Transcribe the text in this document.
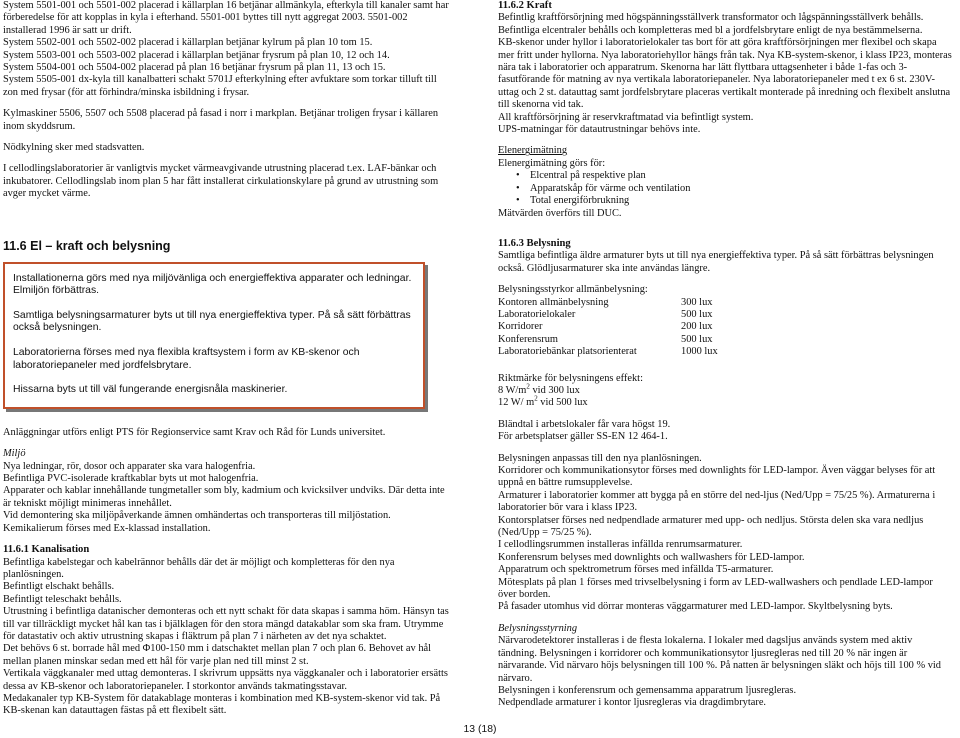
System 5501-001 och 5501-002 placerad i källarplan 16 betjänar allmänkyla, efterkyla till kanaler samt har förberedelse för att kopplas in kyla i efterhand. 5501-001 byttes till nytt aggregat 2003. 5501-002 installerad 1996 är satt ur drift.

System 5502-001 och 5502-002 placerad i källarplan betjänar kylrum på plan 10 tom 15.

System 5503-001 och 5503-002 placerad i källarplan betjänar frysrum på plan 10, 12 och 14.

System 5504-001 och 5504-002 placerad på plan 16 betjänar frysrum på plan 11, 13 och 15.

System 5505-001 dx-kyla till kanalbatteri schakt 5701J efterkylning efter avfuktare som torkar tilluft till zon med frysar (för att förhindra/minska isbildning i frysar.

Kylmaskiner 5506, 5507 och 5508 placerad på fasad i norr i markplan. Betjänar troligen frysar i källaren inom skyddsrum.

Nödkylning sker med stadsvatten.

I cellodlingslaboratorier är vanligtvis mycket värmeavgivande utrustning placerad t.ex. LAF-bänkar och inkubatorer. Cellodlingslab inom plan 5 har fått installerat cirkulationskylare på grund av utrustning som avger mycket värme.

11.6 El – kraft och belysning

Installationerna görs med nya miljövänliga och energieffektiva apparater och ledningar. Elmiljön förbättras.

Samtliga belysningsarmaturer byts ut till nya energieffektiva typer. På så sätt förbättras också belysningen.

Laboratorierna förses med nya flexibla kraftsystem i form av KB-skenor och laboratoriepaneler med jordfelsbrytare.

Hissarna byts ut till väl fungerande energisnåla maskinerier.

Anläggningar utförs enligt PTS för Regionservice samt Krav och Råd för Lunds universitet.

Miljö

Nya ledningar, rör, dosor och apparater ska vara halogenfria.

Befintliga PVC-isolerade kraftkablar byts ut mot halogenfria.

Apparater och kablar innehållande tungmetaller som bly, kadmium och kvicksilver undviks. Där detta inte är tekniskt möjligt minimeras innehållet.

Vid demontering ska miljöpåverkande ämnen omhändertas och transporteras till miljöstation.

Kemikalierum förses med Ex-klassad installation.

11.6.1 Kanalisation

Befintliga kabelstegar och kabelrännor behålls där det är möjligt och kompletteras för den nya planlösningen.

Befintligt elschakt behålls.

Befintligt teleschakt behålls.

Utrustning i befintliga datanischer demonteras och ett nytt schakt för data skapas i samma höm. Hänsyn tas till var tillräckligt mycket hål kan tas i bjälklagen för den stora mängd datakablar som ska fram. Utrymme för datastativ och aktiv utrustning skapas i fläktrum på plan 7 i närheten av det nya schaktet.

Det behövs 6 st. borrade hål med Φ100-150 mm i datschaktet mellan plan 7 och plan 6. Behovet av hål mellan planen minskar sedan med ett hål för varje plan ned till minst 2 st.

Vertikala väggkanaler med uttag demonteras. I skrivrum uppsätts nya väggkanaler och i laboratorier ersätts dessa av KB-skenor och laboratoriepaneler. I storkontor används takmatingsstavar.

Medakanaler typ KB-System för datakablage monteras i kombination med KB-system-skenor vid tak. På KB-skenan kan datauttagen fästas på ett flexibelt sätt.

11.6.2 Kraft

Befintlig kraftförsörjning med högspänningsställverk transformator och lågspänningsställverk behålls.

Befintliga elcentraler behålls och kompletteras med bl a jordfelsbrytare enligt de nya bestämmelserna.

KB-skenor under hyllor i laboratorielokaler tas bort för att göra kraftförsörjningen mer flexibel och skapa mer fritt under hyllorna. Nya laboratoriehyllor hängs från tak. Nya KB-system-skenor, i klass IP23, monteras nära tak i laboratorier och apparatrum. Skenorna har lätt flyttbara uttagsenheter i både 1-fas och 3-fasutförande för matning av nya vertikala laboratoriepaneler. Nya laboratoriepaneler med t ex 6 st. 230V-uttag och 2 st. datauttag samt jordfelsbrytare placeras vertikalt monterade på inredning och flexibelt anslutna till skenorna vid tak.

All kraftförsörjning är reservkraftmatad via befintligt system.

UPS-matningar för datautrustningar behövs inte.

Elenergimätning

Elenergimätning görs för:

• Elcentral på respektive plan
• Apparatskåp för värme och ventilation
• Total energiförbrukning

Mätvärden överförs till DUC.

11.6.3 Belysning

Samtliga befintliga äldre armaturer byts ut till nya energieffektiva typer. På så sätt förbättras belysningen också. Glödljusarmaturer ska inte användas längre.

Belysningsstyrkor allmänbelysning:

Kontoren allmänbelysning	300 lux
Laboratorielokaler	500 lux
Korridorer	200 lux
Konferensrum	500 lux
Laboratoriebänkar platsorienterat	1000 lux

Riktmärke för belysningens effekt:

8 $W/m^2$ vid 300 lux

12 W/ $m^2$ vid 500 lux

Bländtal i arbetslokaler får vara högst 19.

För arbetsplatser gäller SS-EN 12 464-1.

Belysningen anpassas till den nya planlösningen.

Korridorer och kommunikationsytor förses med downlights för LED-lampor. Även väggar belyses för att uppnå en bättre rumsupplevelse.

Armaturer i laboratorier kommer att bygga på en större del ned-ljus (Ned/Upp = 75/25 %). Armaturerna i laboratorier bör vara i klass IP23.

Kontorsplatser förses ned nedpendlade armaturer med upp- och nedljus. Största delen ska vara nedljus (Ned/Upp = 75/25 %).

I cellodlingsrummen installeras infällda renrumsarmaturer.

Konferensrum belyses med downlights och wallwashers för LED-lampor.

Apparatrum och spektrometrum förses med infällda T5-armaturer.

Mötesplats på plan 1 förses med trivselbelysning i form av LED-wallwashers och pendlade LED-lampor över borden.

På fasader utomhus vid dörrar monteras väggarmaturer med LED-lampor. Skyltbelysning byts.

Belysningsstyrning

Närvarodetektorer installeras i de flesta lokalerna. I lokaler med dagsljus används system med aktiv tändning. Belysningen i korridorer och kommunikationsytor ljusregleras ned till 20 % när ingen är närvarande. Vid närvaro höjs belysningen till 100 %. På natten är belysningen släkt och höjs till 100 % vid närvaro.

Belysningen i konferensrum och gemensamma apparatrum ljusregleras.

Nedpendlade armaturer i kontor ljusregleras via dragdimbrytare.

13 (18)
